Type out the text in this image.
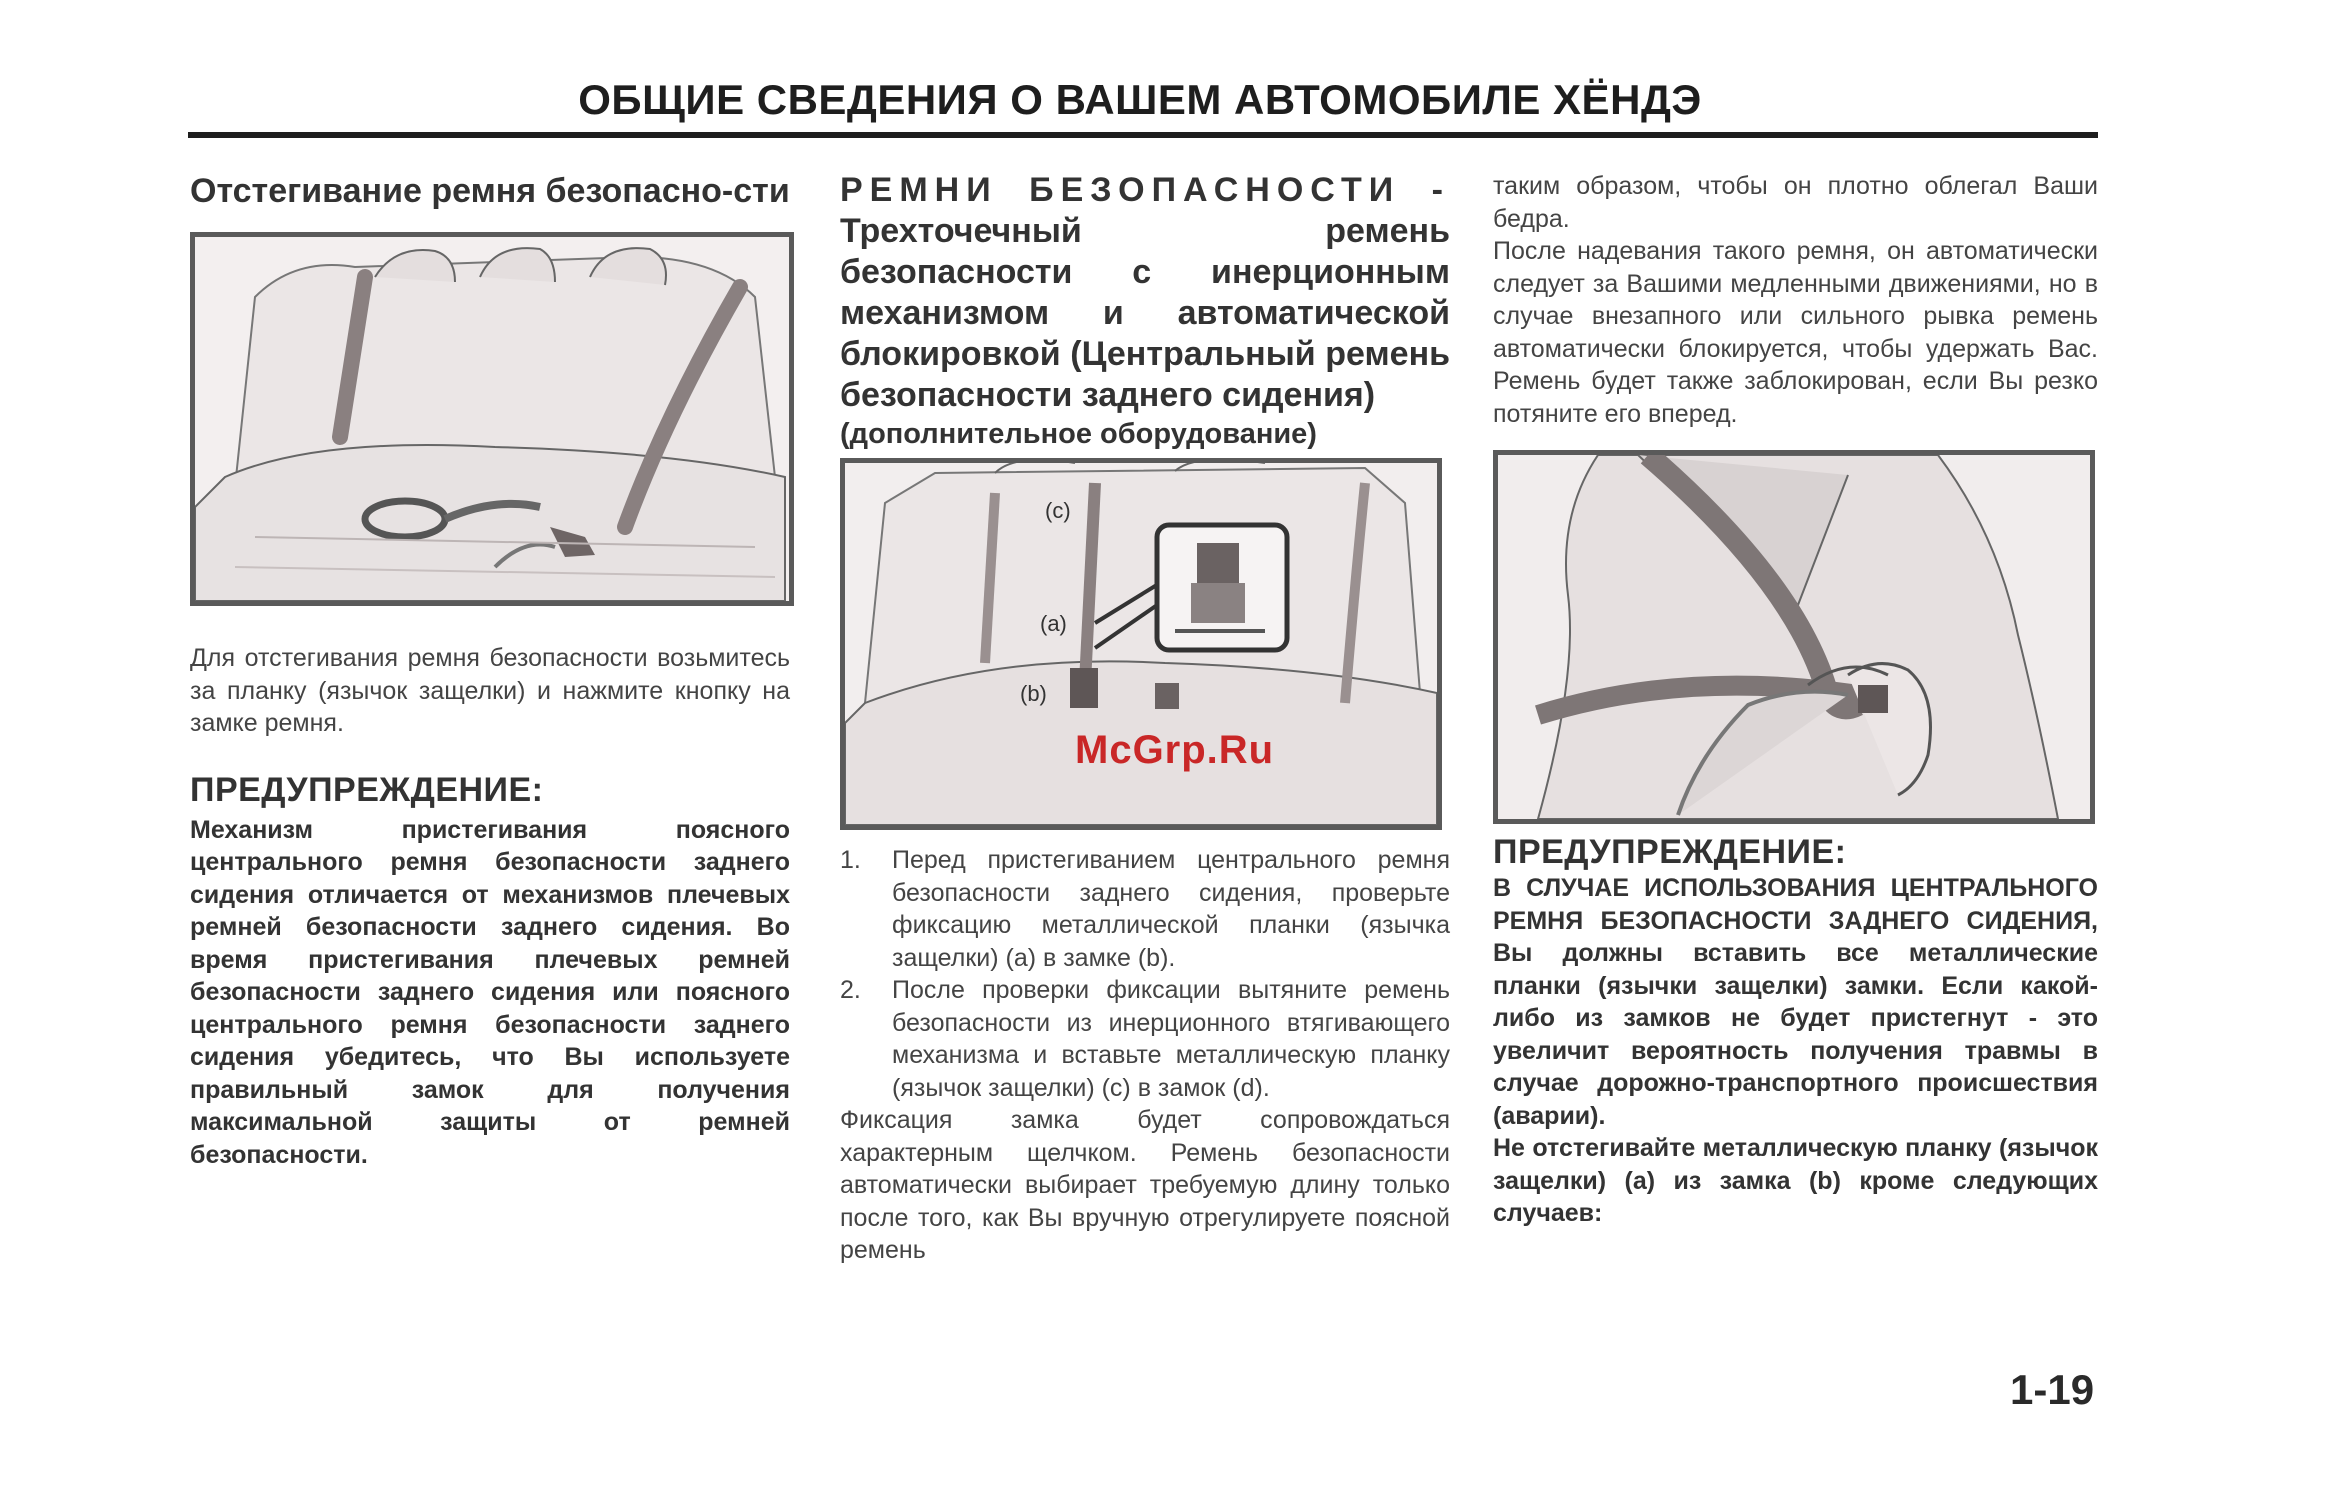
ОБЩИЕ СВЕДЕНИЯ О ВАШЕМ АВТОМОБИЛЕ ХЁНДЭ

Отстегивание ремня безопасно-сти

Для отстегивания ремня безопасности возьмитесь за планку (язычок защелки) и нажмите кнопку на замке ремня.

ПРЕДУПРЕЖДЕНИЕ:

Механизм пристегивания поясного центрального ремня безопасности заднего сидения отличается от механизмов плечевых ремней безопасности заднего сидения. Во время пристегивания плечевых ремней безопасности заднего сидения или поясного центрального ремня безопасности заднего сидения убедитесь, что Вы используете правильный замок для получения максимальной защиты от ремней безопасности.

РЕМНИ БЕЗОПАСНОСТИ - Трехточечный ремень безопасности с инерционным механизмом и автоматической блокировкой (Центральный ремень безопасности заднего сидения)

(дополнительное оборудование)

(c)
(a)
(b)
1. Перед пристегиванием центрального ремня безопасности заднего сидения, проверьте фиксацию металлической планки (язычка защелки) (a) в замке (b).
2. После проверки фиксации вытяните ремень безопасности из инерционного втягивающего механизма и вставьте металлическую планку (язычок защелки) (c) в замок (d).

Фиксация замка будет сопровождаться характерным щелчком. Ремень безопасности автоматически выбирает требуемую длину только после того, как Вы вручную отрегулируете поясной ремень

таким образом, чтобы он плотно облегал Ваши бедра.

После надевания такого ремня, он автоматически следует за Вашими медленными движениями, но в случае внезапного или сильного рывка ремень автоматически блокируется, чтобы удержать Вас. Ремень будет также заблокирован, если Вы резко потяните его вперед.

ПРЕДУПРЕЖДЕНИЕ:

В СЛУЧАЕ ИСПОЛЬЗОВАНИЯ ЦЕНТРАЛЬНОГО РЕМНЯ БЕЗОПАСНОСТИ ЗАДНЕГО СИДЕНИЯ, Вы должны вставить все металлические планки (язычки защелки) замки. Если какой-либо из замков не будет пристегнут - это увеличит вероятность получения травмы в случае дорожно-транспортного происшествия (аварии).

Не отстегивайте металлическую планку (язычок защелки) (a) из замка (b) кроме следующих случаев:

McGrp.Ru
1-19
